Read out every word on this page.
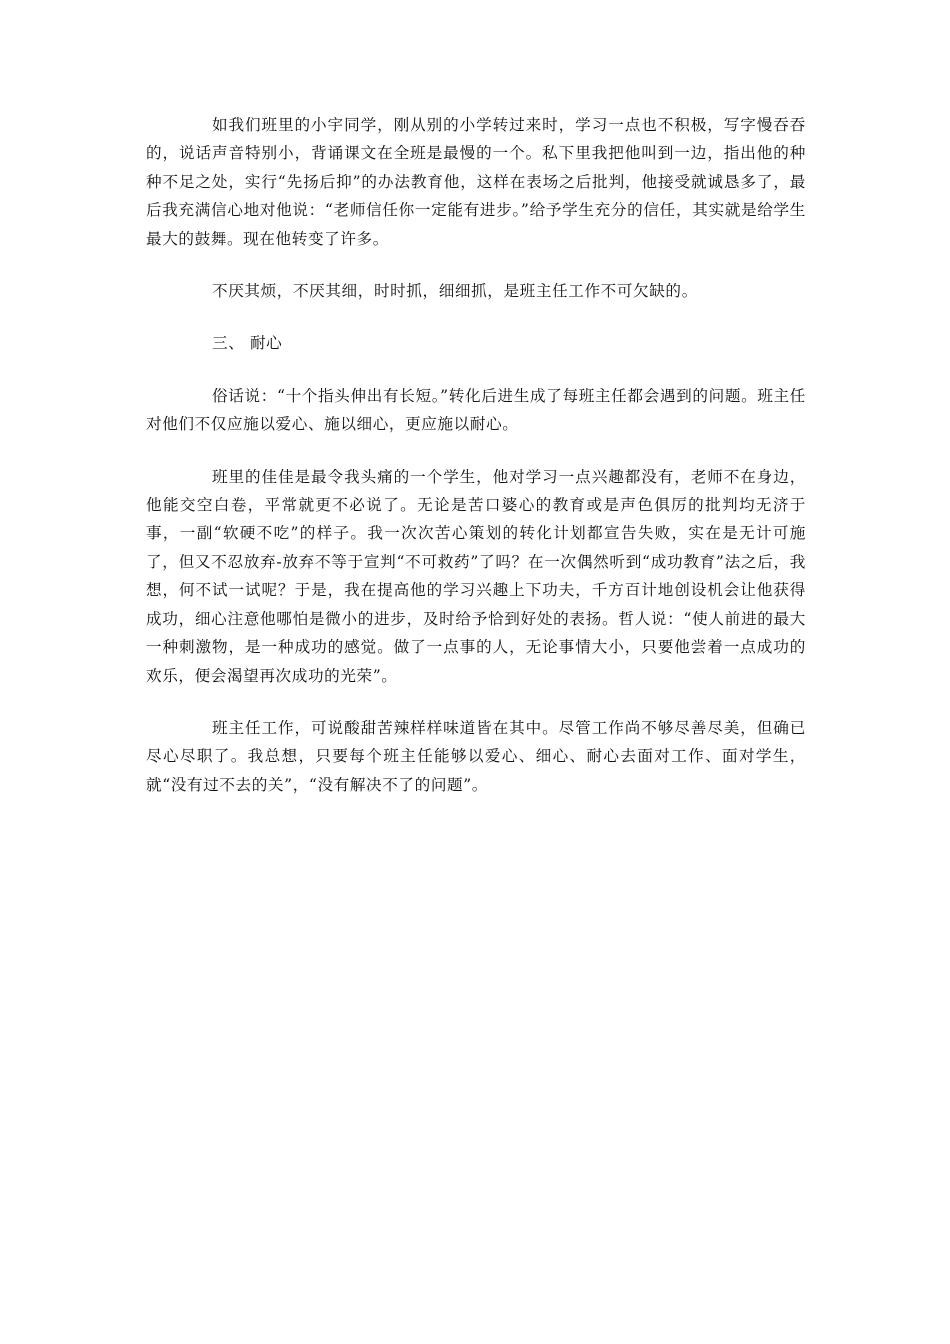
如我们班里的小宇同学，刚从别的小学转过来时，学习一点也不积极，写字慢吞吞的，说话声音特别小，背诵课文在全班是最慢的一个。私下里我把他叫到一边，指出他的种种不足之处，实行“先扬后抑”的办法教育他，这样在表场之后批判，他接受就诚恳多了，最后我充满信心地对他说：“老师信任你一定能有进步。”给予学生充分的信任，其实就是给学生最大的鼓舞。现在他转变了许多。

不厌其烦，不厌其细，时时抓，细细抓，是班主任工作不可欠缺的。

三、 耐心

俗话说：“十个指头伸出有长短。”转化后进生成了每班主任都会遇到的问题。班主任对他们不仅应施以爱心、施以细心，更应施以耐心。

班里的佳佳是最令我头痛的一个学生，他对学习一点兴趣都没有，老师不在身边，他能交空白卷，平常就更不必说了。无论是苦口婆心的教育或是声色俱厉的批判均无济于事，一副“软硬不吃”的样子。我一次次苦心策划的转化计划都宣告失败，实在是无计可施了，但又不忍放弃-放弃不等于宣判“不可救药”了吗？在一次偶然听到“成功教育”法之后，我想，何不试一试呢？于是，我在提高他的学习兴趣上下功夫，千方百计地创设机会让他获得成功，细心注意他哪怕是微小的进步，及时给予恰到好处的表扬。哲人说：“使人前进的最大一种刺激物，是一种成功的感觉。做了一点事的人，无论事情大小，只要他尝着一点成功的欢乐，便会渴望再次成功的光荣”。

班主任工作，可说酸甜苦辣样样味道皆在其中。尽管工作尚不够尽善尽美，但确已尽心尽职了。我总想，只要每个班主任能够以爱心、细心、耐心去面对工作、面对学生，就“没有过不去的关”，“没有解决不了的问题”。
